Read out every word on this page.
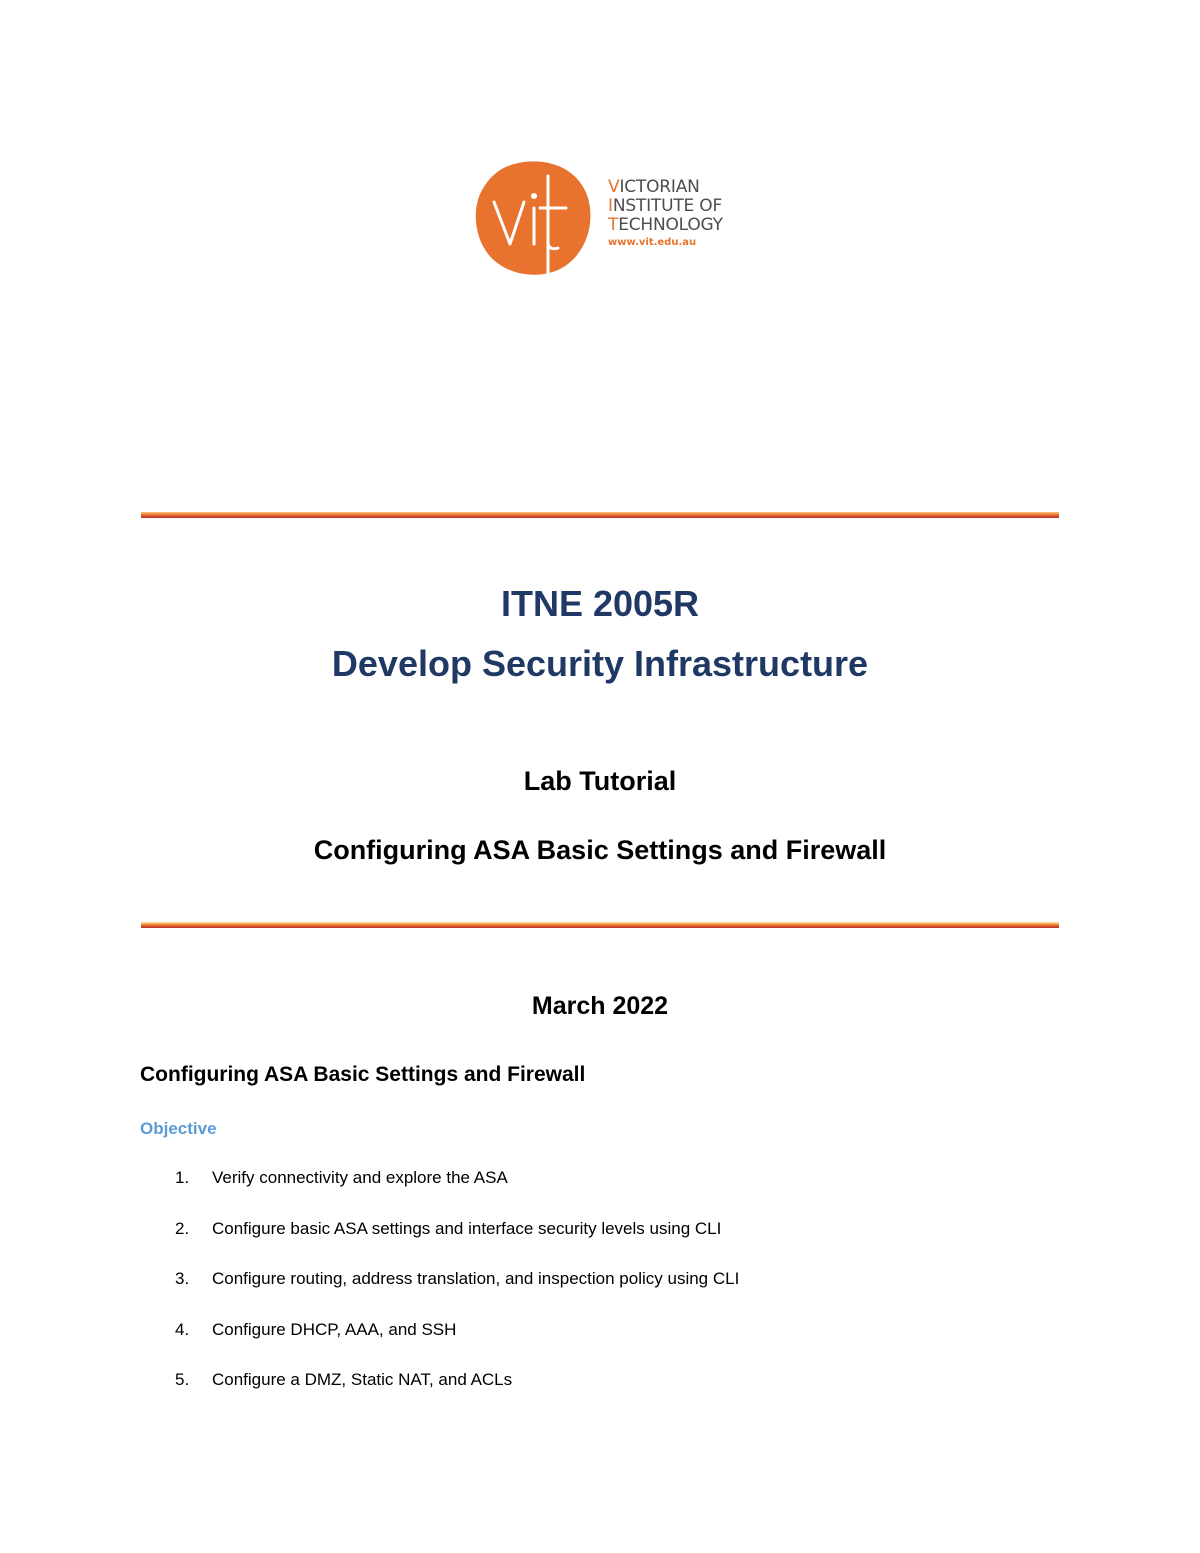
VICTORIAN
INSTITUTE OF
TECHNOLOGY
www.vit.edu.au
ITNE 2005R
Develop Security Infrastructure
Lab Tutorial
Configuring ASA Basic Settings and Firewall
March 2022
Configuring ASA Basic Settings and Firewall
Objective
1.	Verify connectivity and explore the ASA
2.	Configure basic ASA settings and interface security levels using CLI
3.	Configure routing, address translation, and inspection policy using CLI
4.	Configure DHCP, AAA, and SSH
5.	Configure a DMZ, Static NAT, and ACLs
